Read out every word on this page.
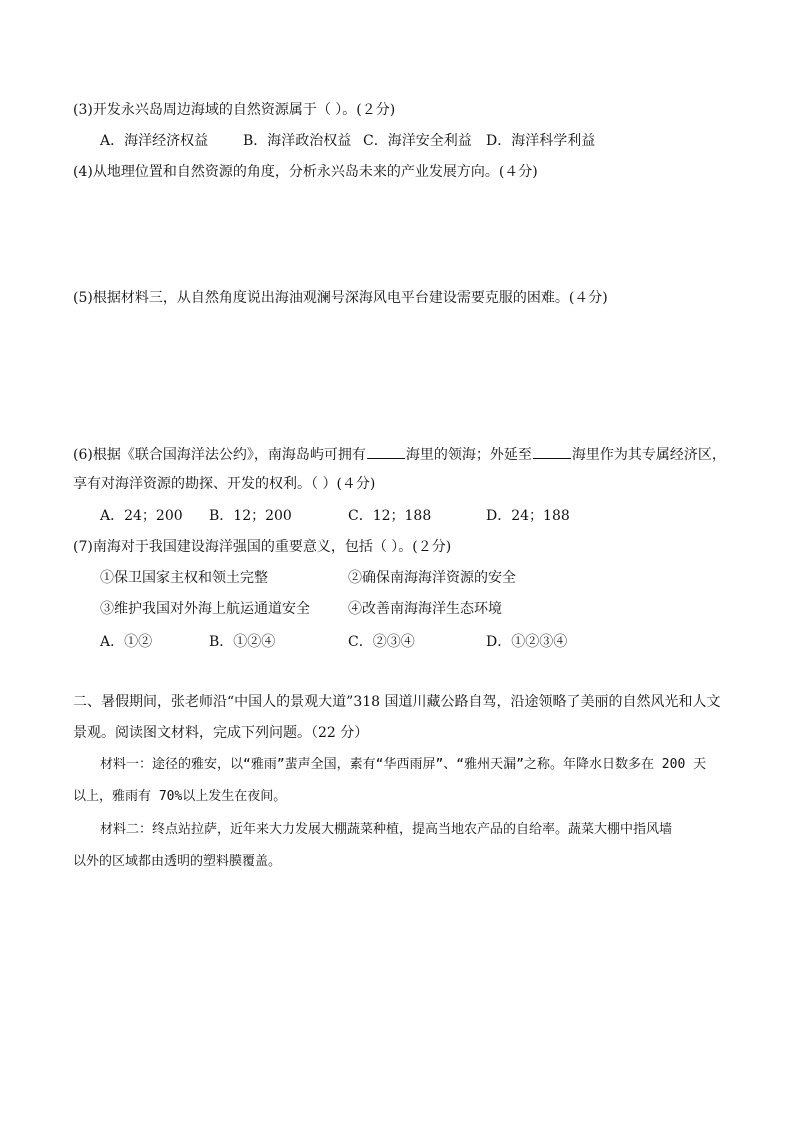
(3)开发永兴岛周边海域的自然资源属于（ ）。(２分)
A．海洋经济权益 B．海洋政治权益 C．海洋安全利益 D．海洋科学利益
(4)从地理位置和自然资源的角度，分析永兴岛未来的产业发展方向。(４分)
(5)根据材料三，从自然角度说出海油观澜号深海风电平台建设需要克服的困难。(４分)
(6)根据《联合国海洋法公约》，南海岛屿可拥有	海里的领海；外延至	海里作为其专属经济区，
享有对海洋资源的勘探、开发的权利。（ ）(４分)
A．24；200 B．12；200	C．12；188	D．24；188
(7)南海对于我国建设海洋强国的重要意义，包括（ ）。(２分)
①保卫国家主权和领土完整	②确保南海海洋资源的安全
③维护我国对外海上航运通道安全	④改善南海海洋生态环境
A．①②	B．①②④	C．②③④	D．①②③④
二、暑假期间，张老师沿“中国人的景观大道”318 国道川藏公路自驾，沿途领略了美丽的自然风光和人文
景观。阅读图文材料，完成下列问题。（22 分）
材料一：途径的雅安，以“雅雨”蜚声全国，素有“华西雨屏”、“雅州天漏”之称。年降水日数多在 200 天
以上，雅雨有 70%以上发生在夜间。
材料二：终点站拉萨，近年来大力发展大棚蔬菜种植，提高当地农产品的自给率。蔬菜大棚中指风墙
以外的区域都由透明的塑料膜覆盖。
